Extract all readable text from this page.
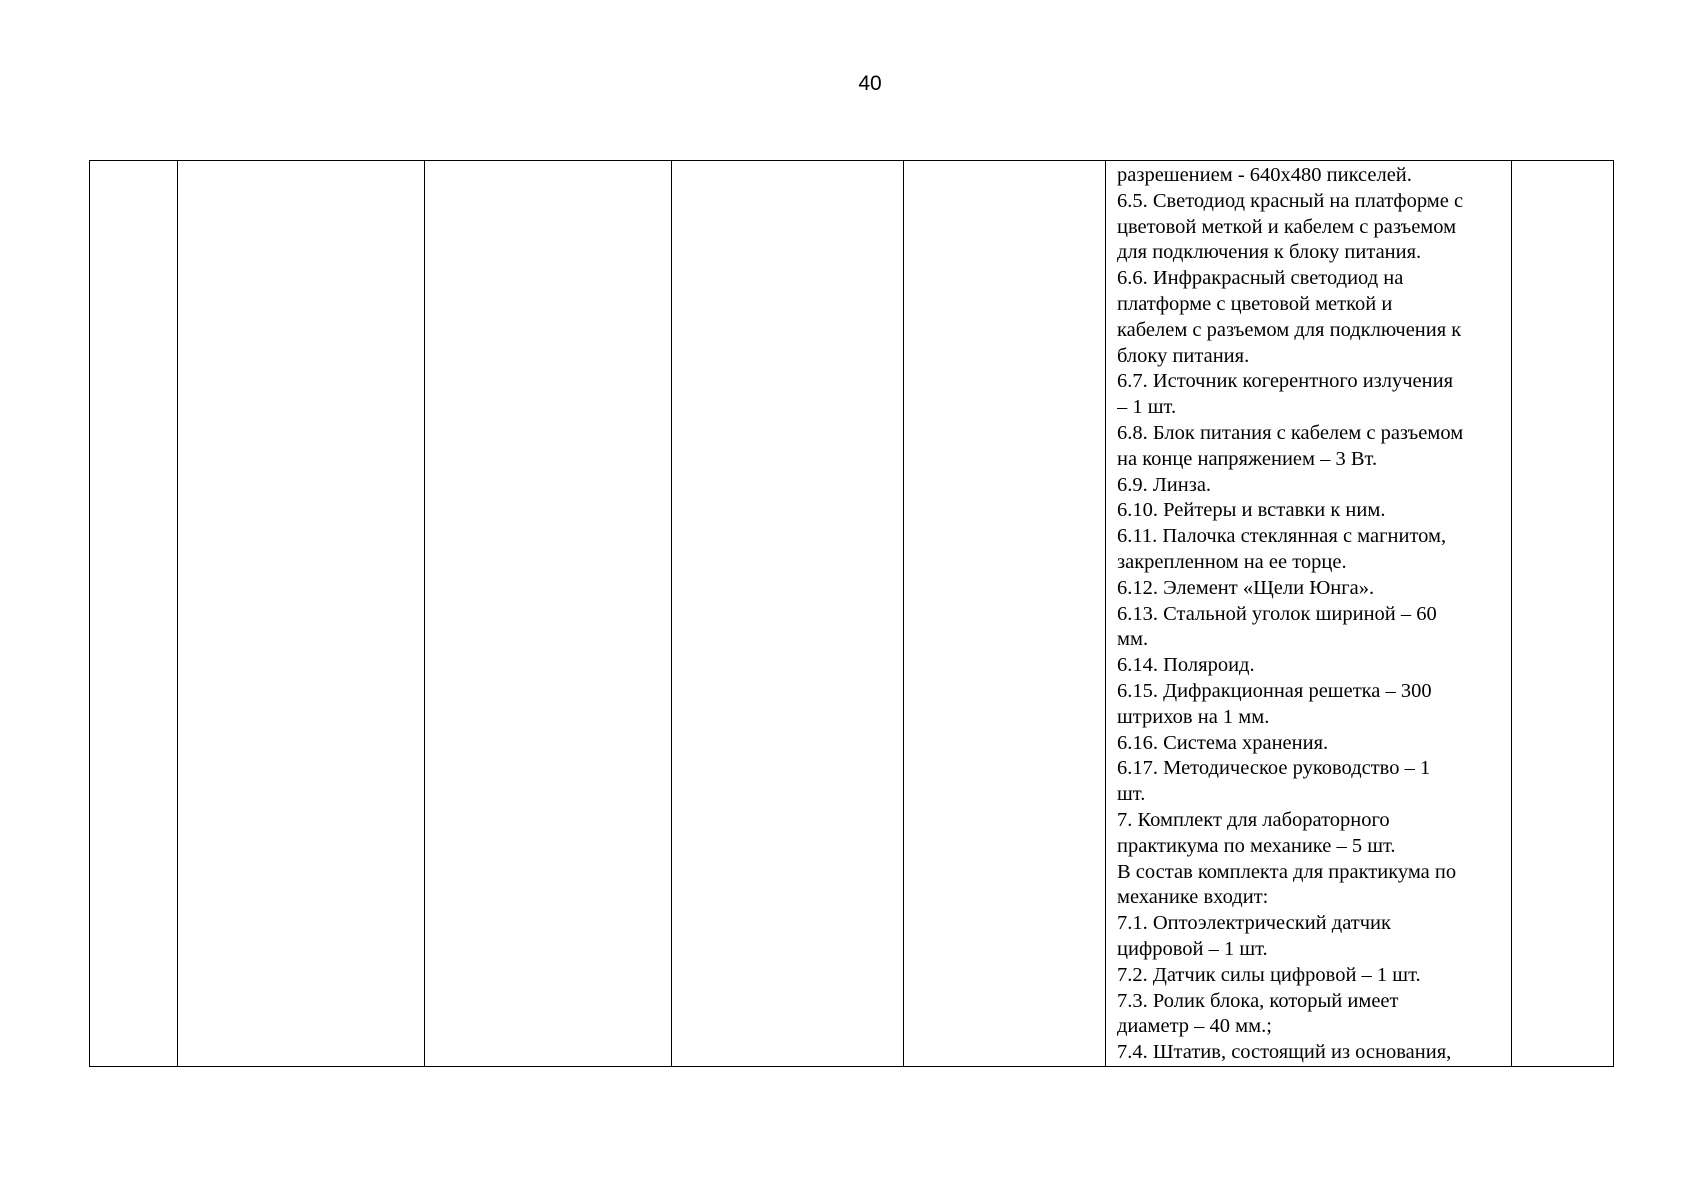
40

разрешением - 640х480 пикселей.
6.5. Светодиод красный на платформе с
цветовой меткой и кабелем с разъемом
для подключения к блоку питания.
6.6. Инфракрасный светодиод на
платформе с цветовой меткой и
кабелем с разъемом для подключения к
блоку питания.
6.7. Источник когерентного излучения
– 1 шт.
6.8. Блок питания с кабелем с разъемом
на конце напряжением – 3 Вт.
6.9. Линза.
6.10. Рейтеры и вставки к ним.
6.11. Палочка стеклянная с магнитом,
закрепленном на ее торце.
6.12. Элемент «Щели Юнга».
6.13. Стальной уголок шириной – 60
мм.
6.14. Поляроид.
6.15. Дифракционная решетка – 300
штрихов на 1 мм.
6.16. Система хранения.
6.17. Методическое руководство – 1
шт.
7. Комплект для лабораторного
практикума по механике – 5 шт.
В состав комплекта для практикума по
механике входит:
7.1. Оптоэлектрический датчик
цифровой – 1 шт.
7.2. Датчик силы цифровой – 1 шт.
7.3. Ролик блока, который имеет
диаметр – 40 мм.;
7.4. Штатив, состоящий из основания,
